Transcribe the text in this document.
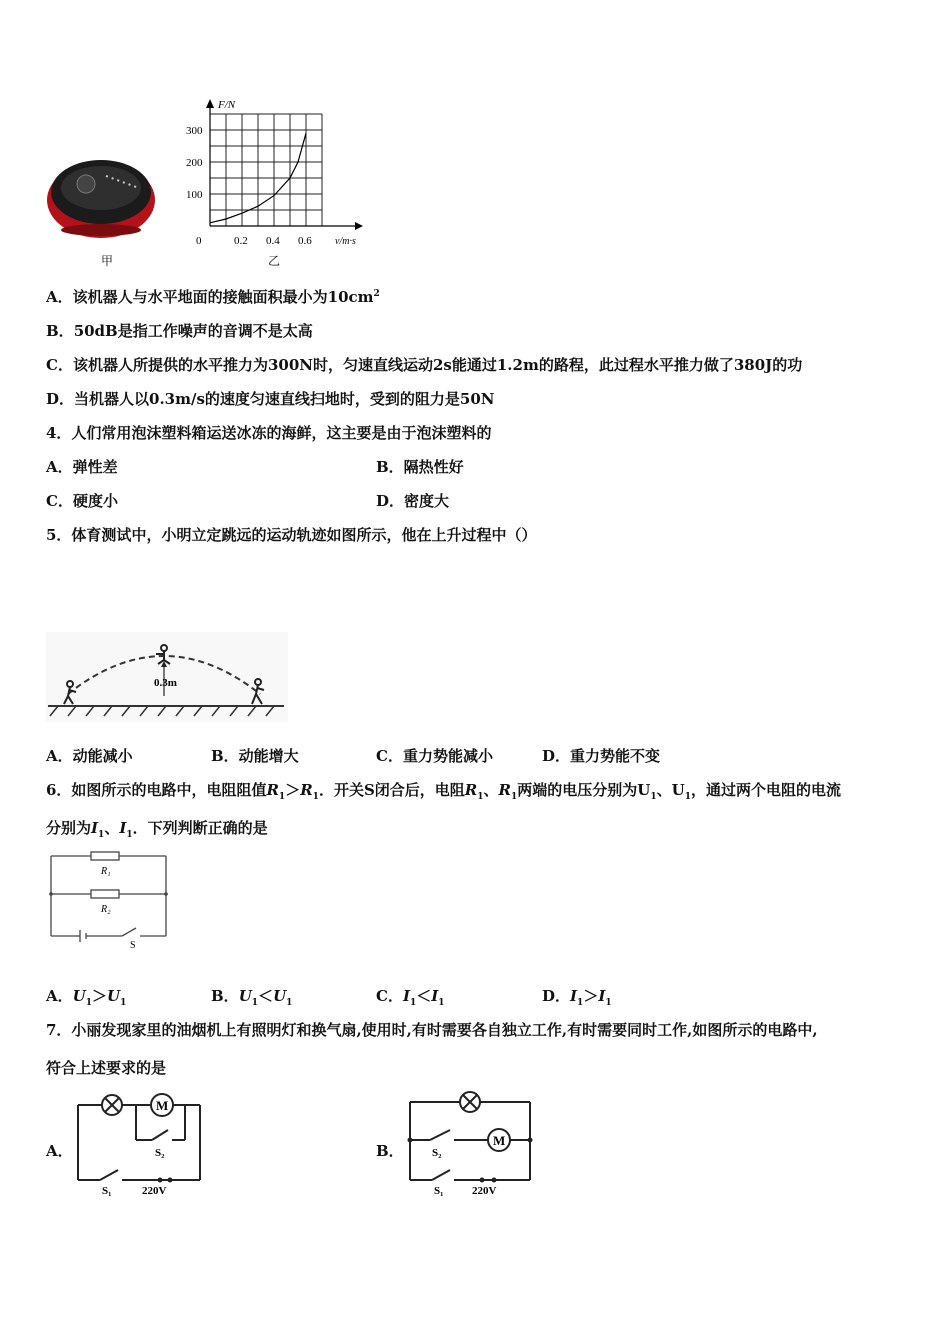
甲
F/N
v/m·s
300
200
100
0	0.2 0.4 0.6
乙
A．该机器人与水平地面的接触面积最小为$10cm^2$
B．50dB是指工作噪声的音调不是太高
C．该机器人所提供的水平推力为300N时，匀速直线运动2s能通过1.2m的路程，此过程水平推力做了380J的功
D．当机器人以0.3m/s的速度匀速直线扫地时，受到的阻力是50N
4．人们常用泡沫塑料箱运送冰冻的海鲜，这主要是由于泡沫塑料的
A．弹性差	B．隔热性好
C．硬度小	D．密度大
5．体育测试中，小明立定跳远的运动轨迹如图所示，他在上升过程中（）
0.3m
A．动能减小	B．动能增大	C．重力势能减小	D．重力势能不变
6．如图所示的电路中，电阻阻值$R_1>R_1$．开关S闭合后，电阻$R_1$、$R_1$两端的电压分别为$U_1$、$U_1$，通过两个电阻的电流
分别为$I_1$、$I_1$．下列判断正确的是
R₁
R₂
S
A．$U_1>U_1$	B．$U_1<U_1$	C．$I_1<I_1$	D．$I_1>I_1$
7．小丽发现家里的油烟机上有照明灯和换气扇,使用时,有时需要各自独立工作,有时需要同时工作,如图所示的电路中,
符合上述要求的是
A．
M
S₂
S₁	220V
B．
M
S₂
S₁	220V
